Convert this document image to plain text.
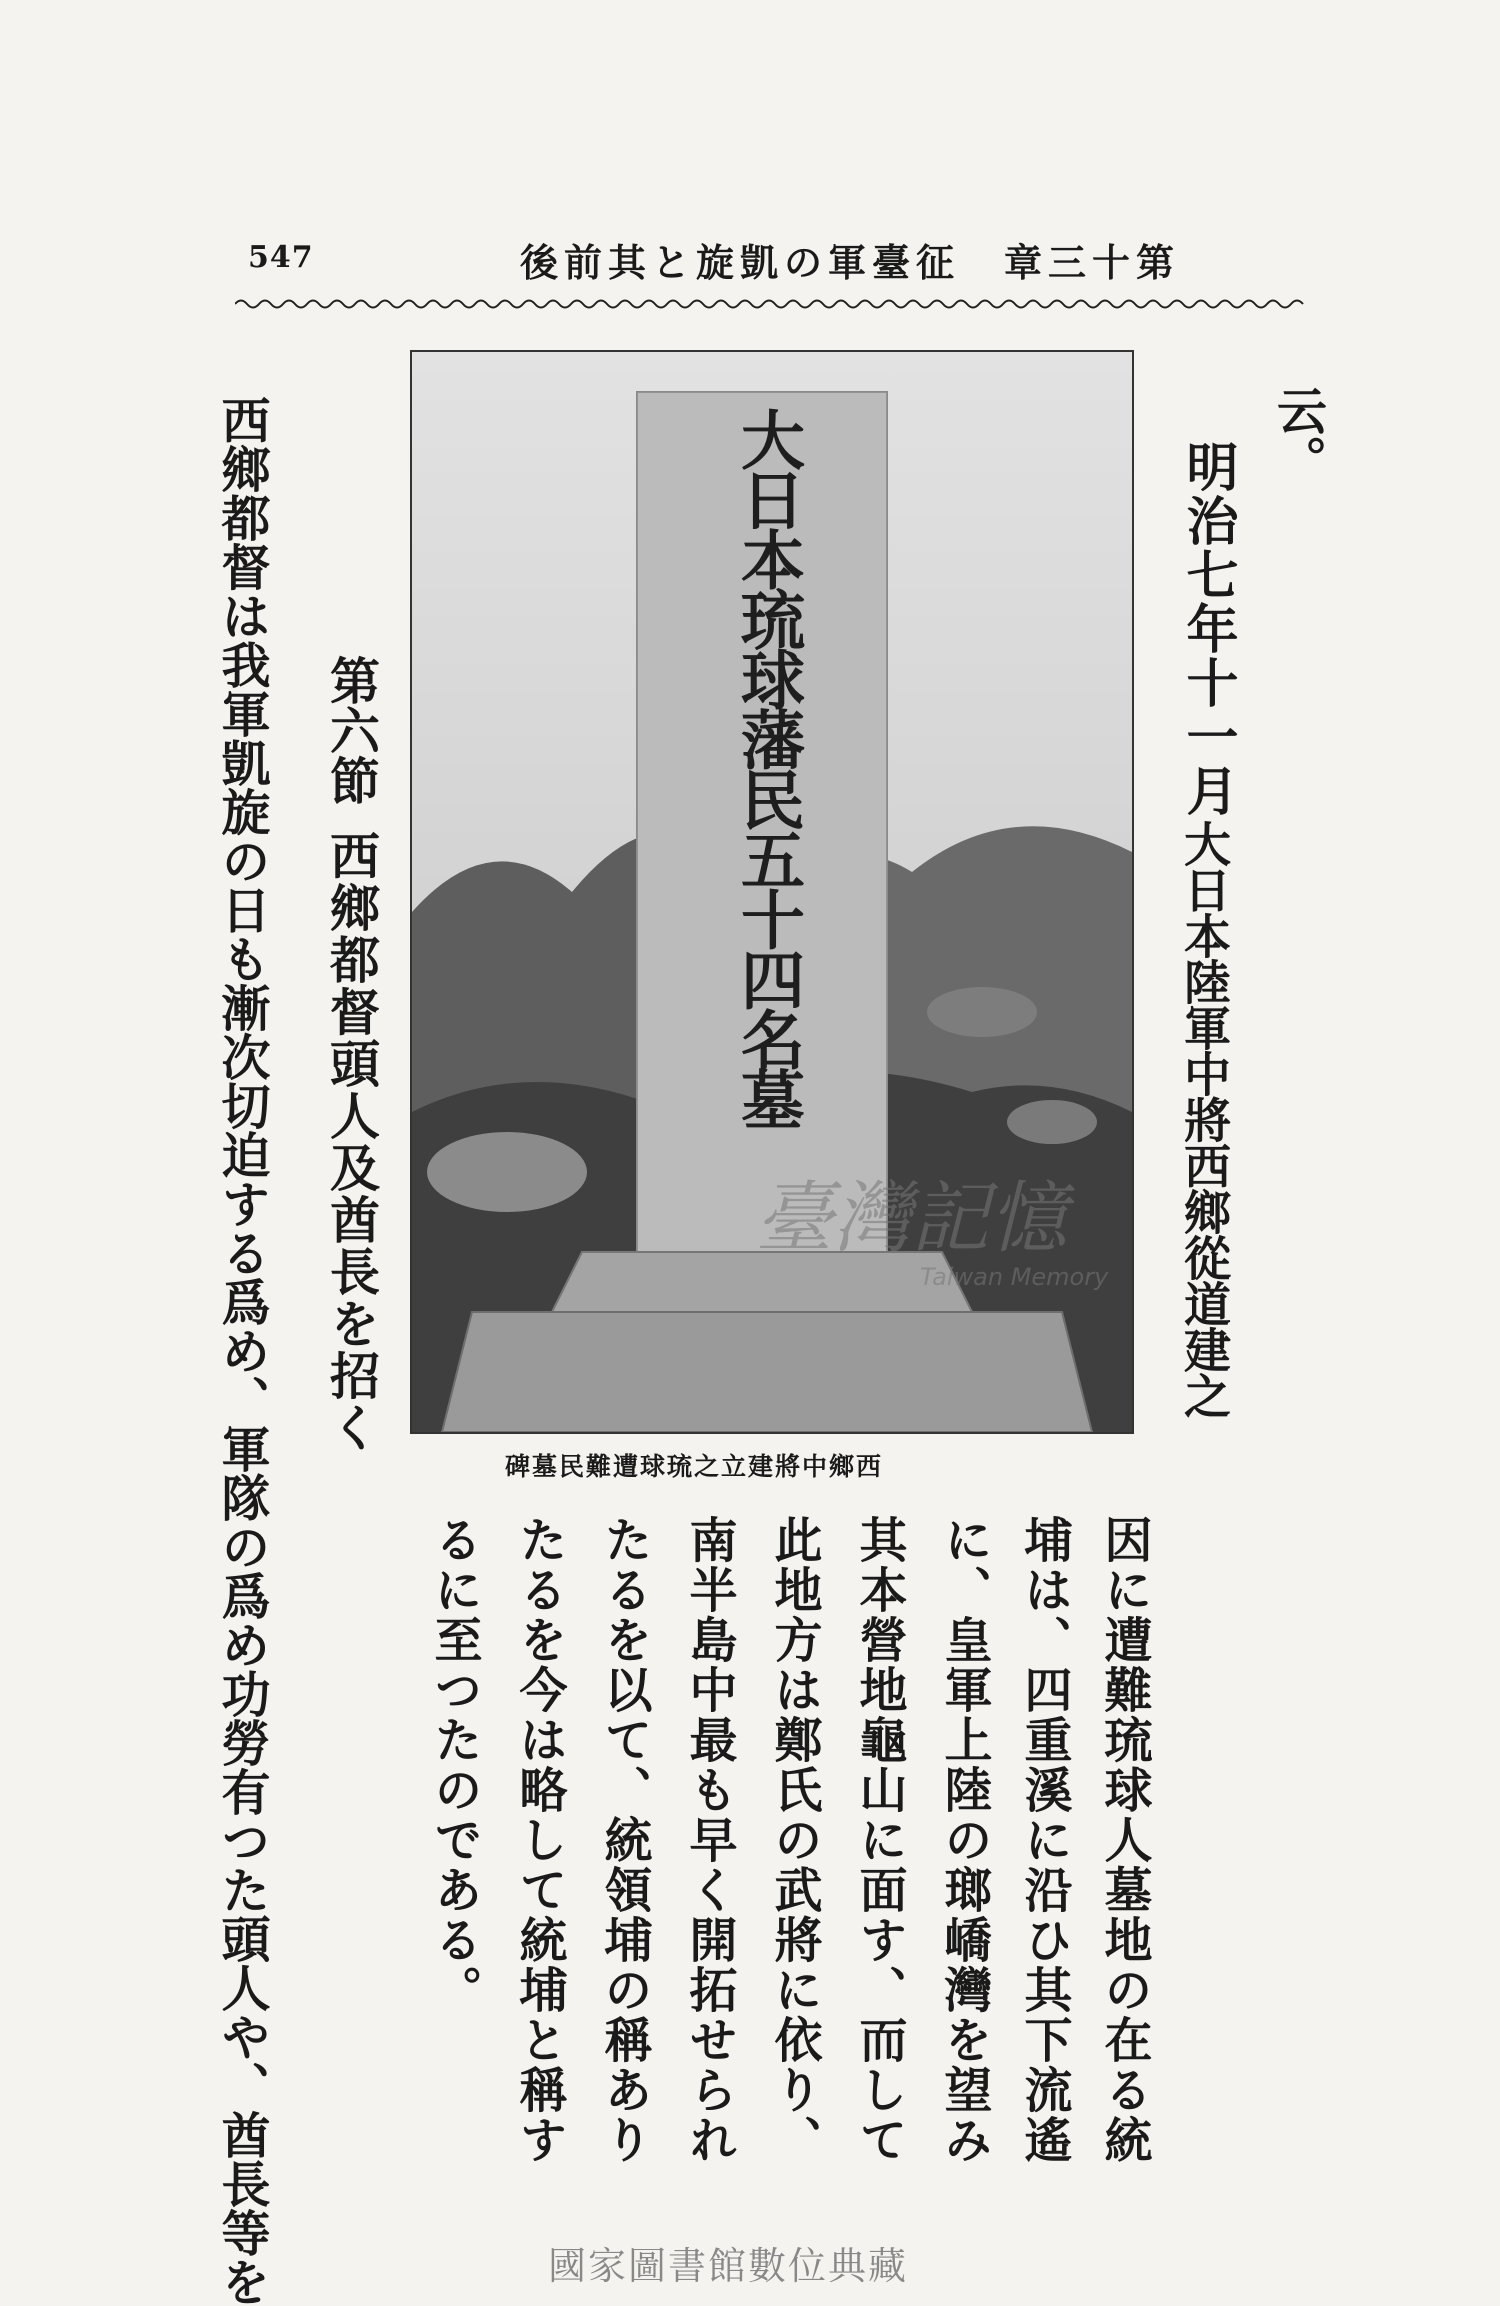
547	第十三章　征臺軍の凱旋と其前後
云。
明治七年十一月
大日本陸軍中將西鄉從道建之
大日本琉球藩民五十四名墓
臺灣記憶
Taiwan Memory
西鄉中將建立之琉球遭難民墓碑
因に遭難琉球人墓地の在る統
埔は、四重溪に沿ひ其下流遙
に、皇軍上陸の瑯嶠灣を望み
其本營地龜山に面す、而して
此地方は鄭氏の武將に依り、
南半島中最も早く開拓せられ
たるを以て、統領埔の稱あり
たるを今は略して統埔と稱す
るに至つたのである。
第六節
西鄉都督頭人及酋長を招く
西鄉都督は我軍凱旋の日も漸次切迫する爲め、軍隊の爲め功勞有つた頭人や、酋長等を	國家圖書館數位典藏
